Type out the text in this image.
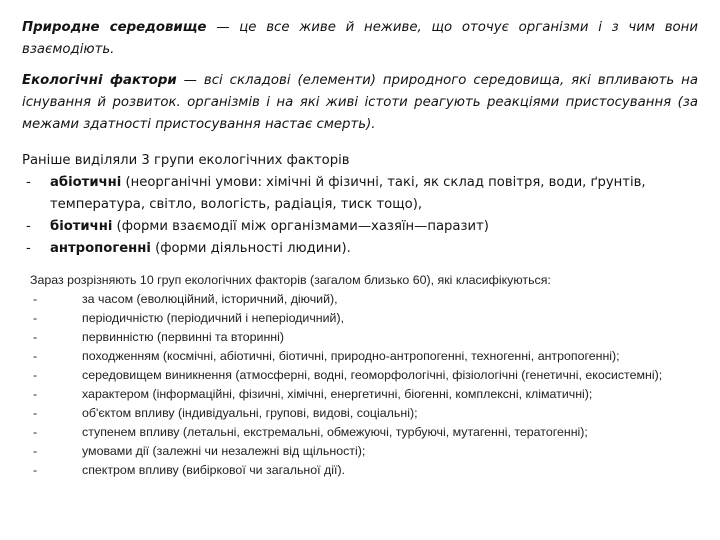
Природне середовище — це все живе й неживе, що оточує організми і з чим вони взаємодіють.

Екологічні фактори — всі складові (елементи) природного середовища, які впливають на існування й розвиток. організмів і на які живі істоти реагують реакціями пристосування (за межами здатності пристосування настає смерть).

Раніше виділяли 3 групи екологічних факторів

- абіотичні (неорганічні умови: хімічні й фізичні, такі, як склад повітря, води, ґрунтів, температура, світло, вологість, радіація, тиск тощо),
- біотичні (форми взаємодії між організмами—хазяїн—паразит)
- антропогенні (форми діяльності людини).

Зараз розрізняють 10 груп екологічних факторів (загалом близько 60), які класифікуються:

-	за часом (еволюційний, історичний, діючий),
-	періодичністю (періодичний і неперіодичний),
-	первинністю (первинні та вторинні)
-	походженням (космічні, абіотичні, біотичні, природно-антропогенні, техногенні, антропогенні);
-	середовищем виникнення (атмосферні, водні, геоморфологічні, фізіологічні (генетичні, екосистемні);
-	характером (інформаційні, фізичні, хімічні, енергетичні, біогенні, комплексні, кліматичні);
-	об'єктом впливу (індивідуальні, групові, видові, соціальні);
-	ступенем впливу (летальні, екстремальні, обмежуючі, турбуючі, мутагенні, тератогенні);
-	умовами дії (залежні чи незалежні від щільності);
-	спектром впливу (вибіркової чи загальної дії).
